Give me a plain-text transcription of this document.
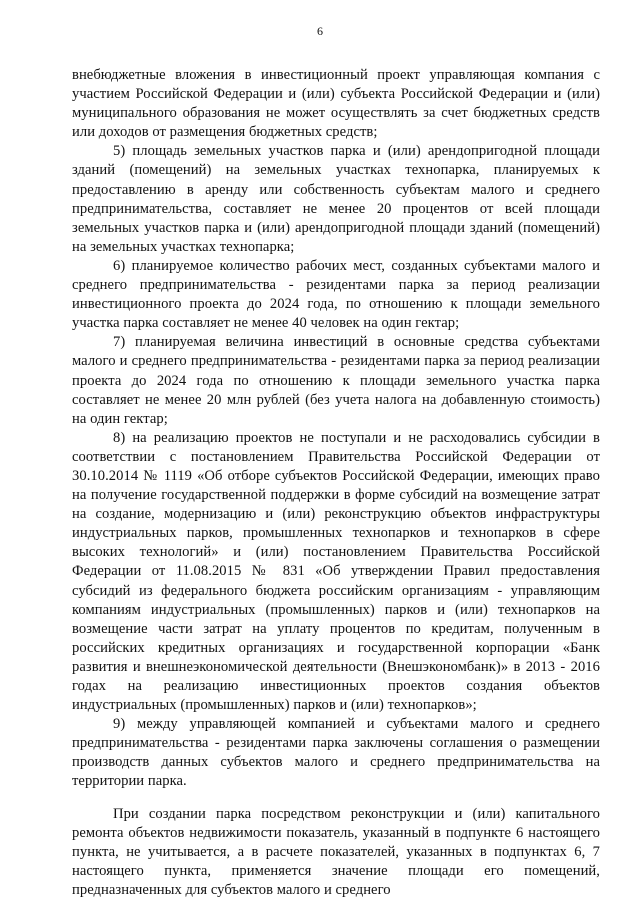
6

внебюджетные вложения в инвестиционный проект управляющая компания с участием Российской Федерации и (или) субъекта Российской Федерации и (или) муниципального образования не может осуществлять за счет бюджетных средств или доходов от размещения бюджетных средств;

5) площадь земельных участков парка и (или) арендопригодной площади зданий (помещений) на земельных участках технопарка, планируемых к предоставлению в аренду или собственность субъектам малого и среднего предпринимательства, составляет не менее 20 процентов от всей площади земельных участков парка и (или) арендопригодной площади зданий (помещений) на земельных участках технопарка;

6) планируемое количество рабочих мест, созданных субъектами малого и среднего предпринимательства - резидентами парка за период реализации инвестиционного проекта до 2024 года, по отношению к площади земельного участка парка составляет не менее 40 человек на один гектар;

7) планируемая величина инвестиций в основные средства субъектами малого и среднего предпринимательства - резидентами парка за период реализации проекта до 2024 года по отношению к площади земельного участка парка составляет не менее 20 млн рублей (без учета налога на добавленную стоимость) на один гектар;

8) на реализацию проектов не поступали и не расходовались субсидии в соответствии с постановлением Правительства Российской Федерации от 30.10.2014 № 1119 «Об отборе субъектов Российской Федерации, имеющих право на получение государственной поддержки в форме субсидий на возмещение затрат на создание, модернизацию и (или) реконструкцию объектов инфраструктуры индустриальных парков, промышленных технопарков и технопарков в сфере высоких технологий» и (или) постановлением Правительства Российской Федерации от 11.08.2015 № 831 «Об утверждении Правил предоставления субсидий из федерального бюджета российским организациям - управляющим компаниям индустриальных (промышленных) парков и (или) технопарков на возмещение части затрат на уплату процентов по кредитам, полученным в российских кредитных организациях и государственной корпорации «Банк развития и внешнеэкономической деятельности (Внешэкономбанк)» в 2013 - 2016 годах на реализацию инвестиционных проектов создания объектов индустриальных (промышленных) парков и (или) технопарков»;

9) между управляющей компанией и субъектами малого и среднего предпринимательства - резидентами парка заключены соглашения о размещении производств данных субъектов малого и среднего предпринимательства на территории парка.

При создании парка посредством реконструкции и (или) капитального ремонта объектов недвижимости показатель, указанный в подпункте 6 настоящего пункта, не учитывается, а в расчете показателей, указанных в подпунктах 6, 7 настоящего пункта, применяется значение площади его помещений, предназначенных для субъектов малого и среднего
